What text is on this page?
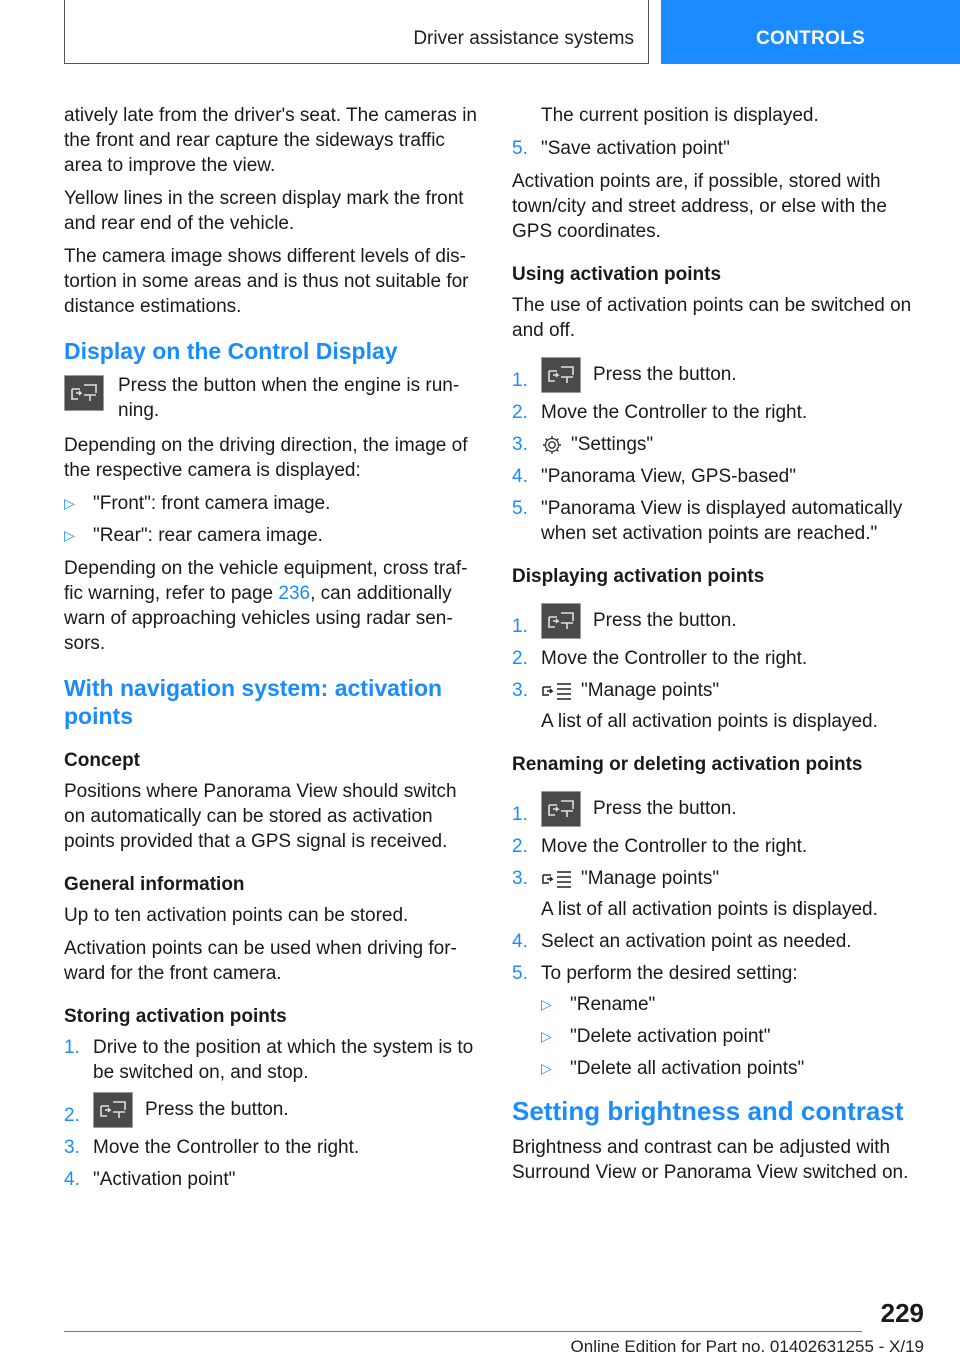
Driver assistance systems	CONTROLS

atively late from the driver's seat. The cameras in the front and rear capture the sideways traffic area to improve the view.

Yellow lines in the screen display mark the front and rear end of the vehicle.

The camera image shows different levels of dis‐tortion in some areas and is thus not suitable for distance estimations.

Display on the Control Display

Press the button when the engine is run‐ning.

Depending on the driving direction, the image of the respective camera is displayed:

▷ "Front": front camera image.
▷ "Rear": rear camera image.

Depending on the vehicle equipment, cross traf‐fic warning, refer to page 236, can additionally warn of approaching vehicles using radar sen‐sors.

With navigation system: activation points
Concept

Positions where Panorama View should switch on automatically can be stored as activation points provided that a GPS signal is received.

General information

Up to ten activation points can be stored.

Activation points can be used when driving for‐ward for the front camera.

Storing activation points
1. Drive to the position at which the system is to be switched on, and stop.
2.	Press the button.
3. Move the Controller to the right.
4. "Activation point"

The current position is displayed.

5. "Save activation point"

Activation points are, if possible, stored with town/city and street address, or else with the GPS coordinates.

Using activation points

The use of activation points can be switched on and off.

1.	Press the button.
2. Move the Controller to the right.
3. "Settings"
4. "Panorama View, GPS-based"
5. "Panorama View is displayed automatically when set activation points are reached."
Displaying activation points
1.	Press the button.
2. Move the Controller to the right.
3.	"Manage points"
A list of all activation points is displayed.
Renaming or deleting activation points
1.	Press the button.
2. Move the Controller to the right.
3.	"Manage points"
A list of all activation points is displayed.
4. Select an activation point as needed.
5. To perform the desired setting:
▷ "Rename"
▷ "Delete activation point"
▷ "Delete all activation points"
Setting brightness and contrast

Brightness and contrast can be adjusted with Surround View or Panorama View switched on.

229
Online Edition for Part no. 01402631255 - X/19
